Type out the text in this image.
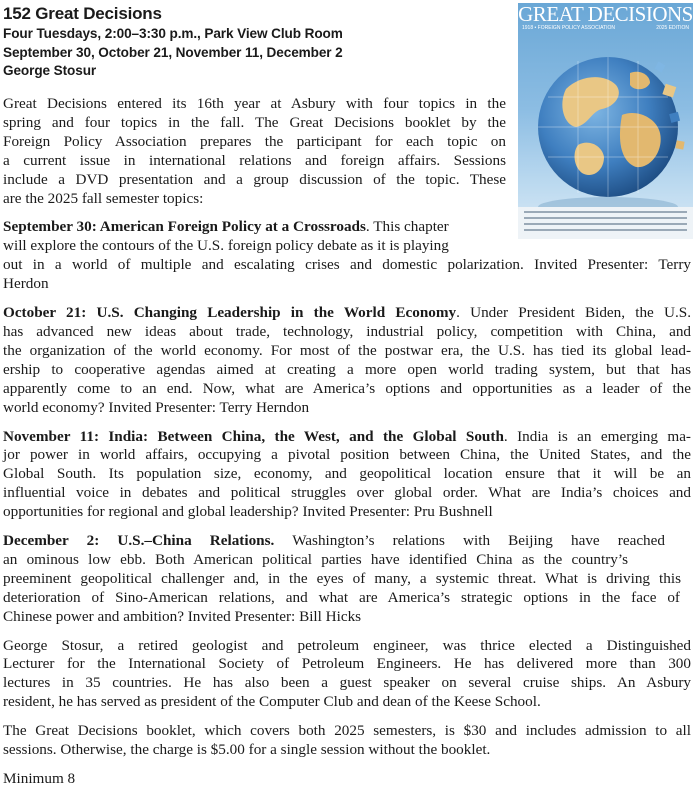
152 Great Decisions
Four Tuesdays, 2:00–3:30 p.m., Park View Club Room
September 30, October 21, November 11, December 2
George Stosur
GREAT DECISIONS
1918 • FOREIGN POLICY ASSOCIATION	2025 EDITION

Great Decisions entered its 16th year at Asbury with four topics in the
spring and four topics in the fall. The Great Decisions booklet by the
Foreign Policy Association prepares the participant for each topic on
a current issue in international relations and foreign affairs. Sessions
include a DVD presentation and a group discussion of the topic. These
are the 2025 fall semester topics:

September 30: American Foreign Policy at a Crossroads. This chapter
will explore the contours of the U.S. foreign policy debate as it is playing
out in a world of multiple and escalating crises and domestic polarization. Invited Presenter: Terry
Herdon

October 21: U.S. Changing Leadership in the World Economy. Under President Biden, the U.S.
has advanced new ideas about trade, technology, industrial policy, competition with China, and
the organization of the world economy. For most of the postwar era, the U.S. has tied its global lead-
ership to cooperative agendas aimed at creating a more open world trading system, but that has
apparently come to an end. Now, what are America’s options and opportunities as a leader of the
world economy? Invited Presenter: Terry Herndon

November 11: India: Between China, the West, and the Global South. India is an emerging ma-
jor power in world affairs, occupying a pivotal position between China, the United States, and the
Global South. Its population size, economy, and geopolitical location ensure that it will be an
influential voice in debates and political struggles over global order. What are India’s choices and
opportunities for regional and global leadership? Invited Presenter: Pru Bushnell

December 2: U.S.–China Relations. Washington’s relations with Beijing have reached
an ominous low ebb. Both American political parties have identified China as the country’s
preeminent geopolitical challenger and, in the eyes of many, a systemic threat. What is driving this
deterioration of Sino-American relations, and what are America’s strategic options in the face of
Chinese power and ambition? Invited Presenter: Bill Hicks

George Stosur, a retired geologist and petroleum engineer, was thrice elected a Distinguished
Lecturer for the International Society of Petroleum Engineers. He has delivered more than 300
lectures in 35 countries. He has also been a guest speaker on several cruise ships. An Asbury
resident, he has served as president of the Computer Club and dean of the Keese School.

The Great Decisions booklet, which covers both 2025 semesters, is $30 and includes admission to all
sessions. Otherwise, the charge is $5.00 for a single session without the booklet.

Minimum 8
